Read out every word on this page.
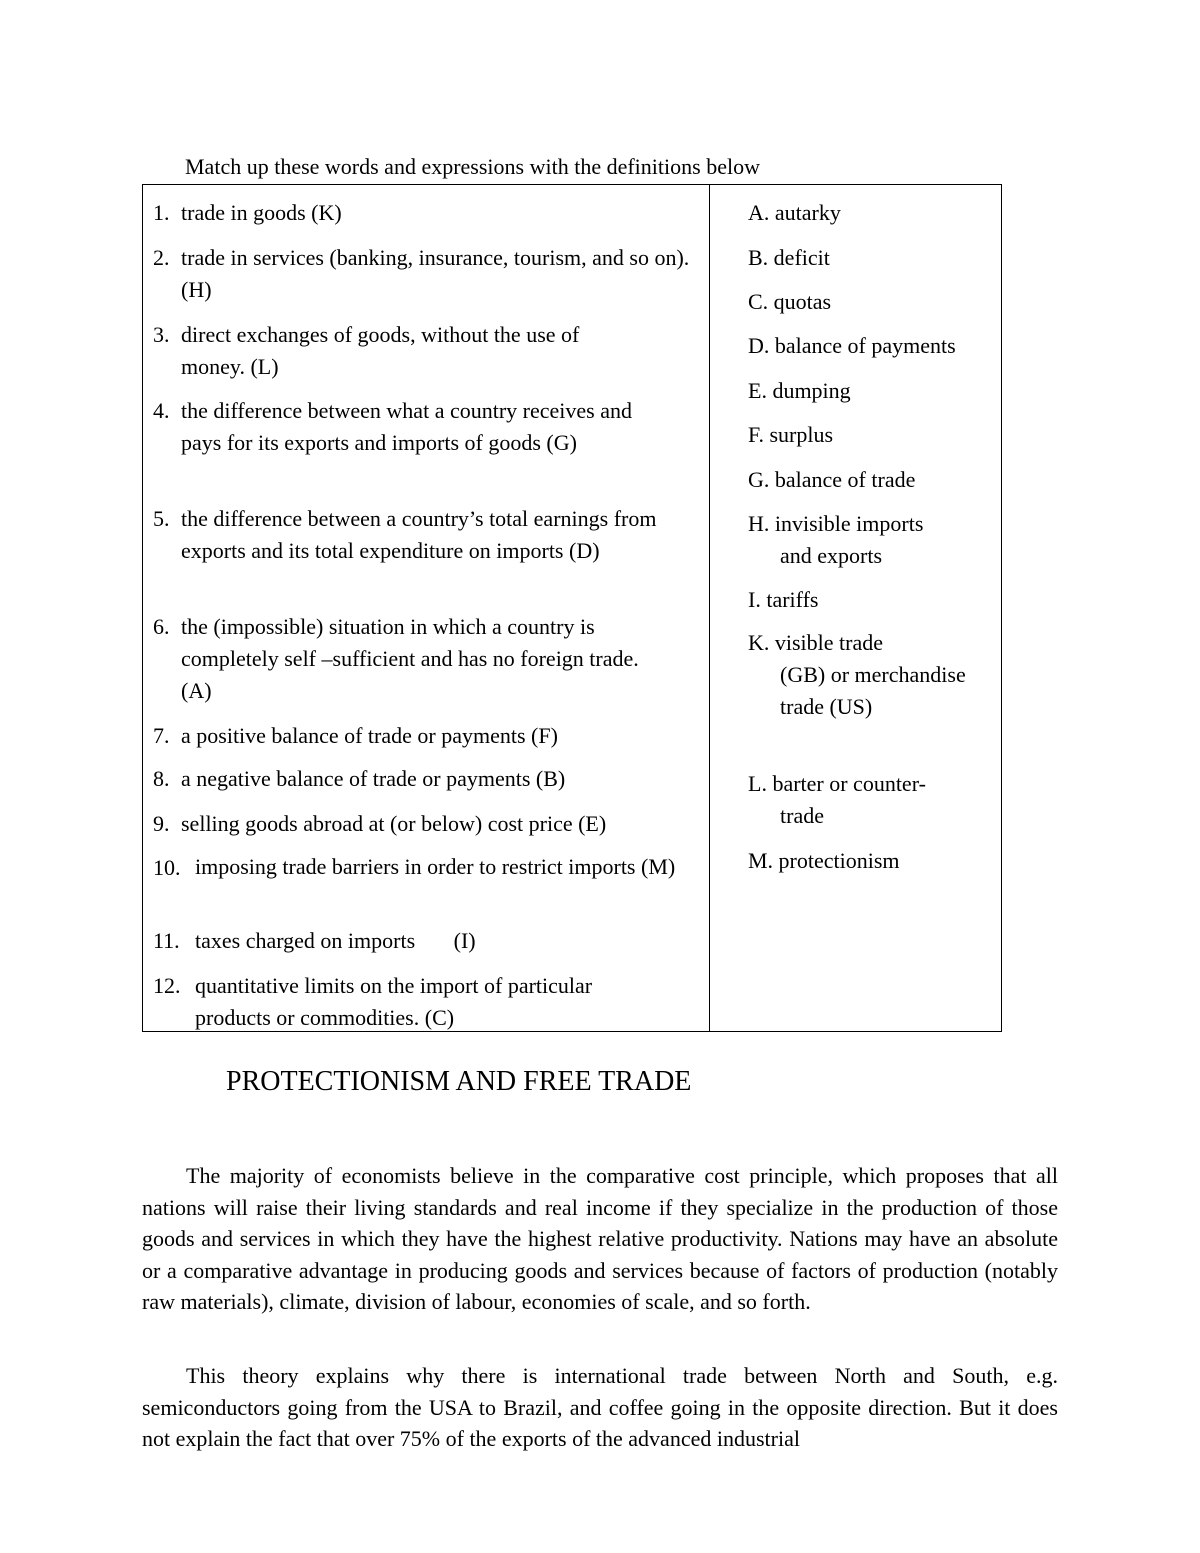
Match up these words and expressions with the definitions below
1. trade in goods (K)
2. trade in services (banking, insurance, tourism, and so on). (H)
3. direct exchanges of goods, without the use of money. (L)
4. the difference between what a country receives and pays for its exports and imports of goods (G)
5. the difference between a country’s total earnings from exports and its total expenditure on imports (D)
6. the (impossible) situation in which a country is completely self –sufficient and has no foreign trade. (A)
7. a positive balance of trade or payments (F)
8. a negative balance of trade or payments (B)
9. selling goods abroad at (or below) cost price (E)
10. imposing trade barriers in order to restrict imports (M)
11. taxes charged on imports       (I)
12. quantitative limits on the import of particular products or commodities. (C)
A. autarky
B. deficit
C. quotas
D. balance of payments
E. dumping
F. surplus
G. balance of trade
H. invisible imports
and exports
I. tariffs
K. visible trade
(GB) or merchandise trade (US)
L. barter or counter-
trade
M. protectionism
PROTECTIONISM AND FREE TRADE

The majority of economists believe in the comparative cost principle, which proposes that all nations will raise their living standards and real income if they specialize in the production of those goods and services in which they have the highest relative productivity. Nations may have an absolute or a comparative advantage in producing goods and services because of factors of production (notably raw materials), climate, division of labour, economies of scale, and so forth.

This theory explains why there is international trade between North and South, e.g. semiconductors going from the USA to Brazil, and coffee going in the opposite direction. But it does not explain the fact that over 75% of the exports of the advanced industrial
